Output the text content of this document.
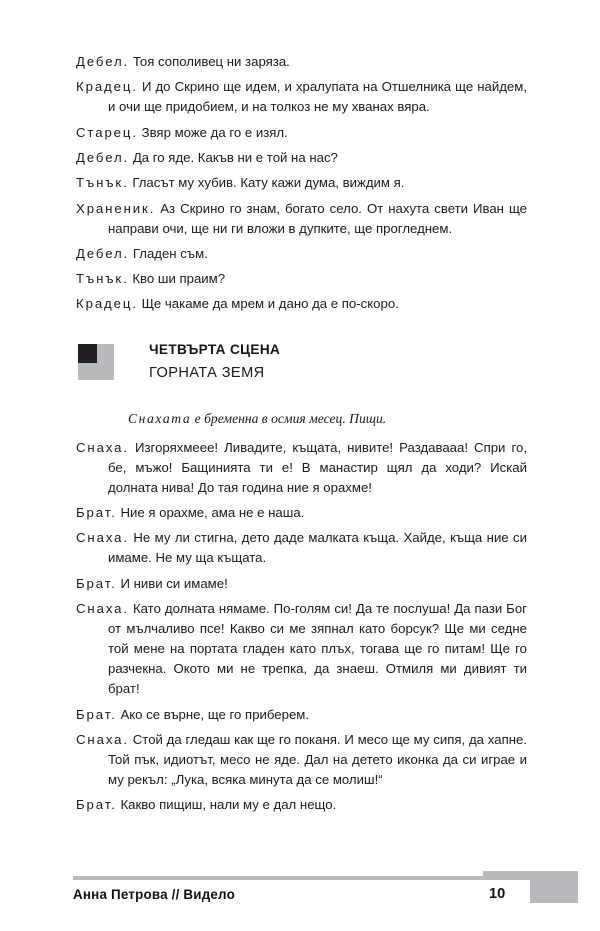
Дебел. Тоя сополивец ни заряза.

Крадец. И до Скрино ще идем, и хралупата на Отшелника ще найдем, и очи ще придобием, и на толкоз не му хванах вяра.

Старец. Звяр може да го е изял.

Дебел. Да го яде. Какъв ни е той на нас?

Тънък. Гласът му хубив. Кату кажи дума, виждим я.

Храненик. Аз Скрино го знам, богато село. От нахута свети Иван ще направи очи, ще ни ги вложи в дупките, ще прогледнем.

Дебел. Гладен съм.

Тънък. Кво ши праим?

Крадец. Ще чакаме да мрем и дано да е по-скоро.

ЧЕТВЪРТА СЦЕНА
ГОРНАТА ЗЕМЯ

Снахата е бременна в осмия месец. Пищи.

Снаха. Изгоряхмеее! Ливадите, къщата, нивите! Раздавааа! Спри го, бе, мъжо! Бащинията ти е! В манастир щял да ходи? Искай долната нива! До тая година ние я орахме!

Брат. Ние я орахме, ама не е наша.

Снаха. Не му ли стигна, дето даде малката къща. Хайде, къща ние си имаме. Не му ща къщата.

Брат. И ниви си имаме!

Снаха. Като долната нямаме. По-голям си! Да те послуша! Да пази Бог от мълчаливо псе! Какво си ме зяпнал като борсук? Ще ми седне той мене на портата гладен като плъх, тогава ще го питам! Ще го разчекна. Окото ми не трепка, да знаеш. Отмиля ми дивият ти брат!

Брат. Ако се върне, ще го приберем.

Снаха. Стой да гледаш как ще го поканя. И месо ще му сипя, да хапне. Той пък, идиотът, месо не яде. Дал на детето иконка да си играе и му рекъл: „Лука, всяка минута да се молиш!“

Брат. Какво пищиш, нали му е дал нещо.

Анна Петрова // Видело	10
